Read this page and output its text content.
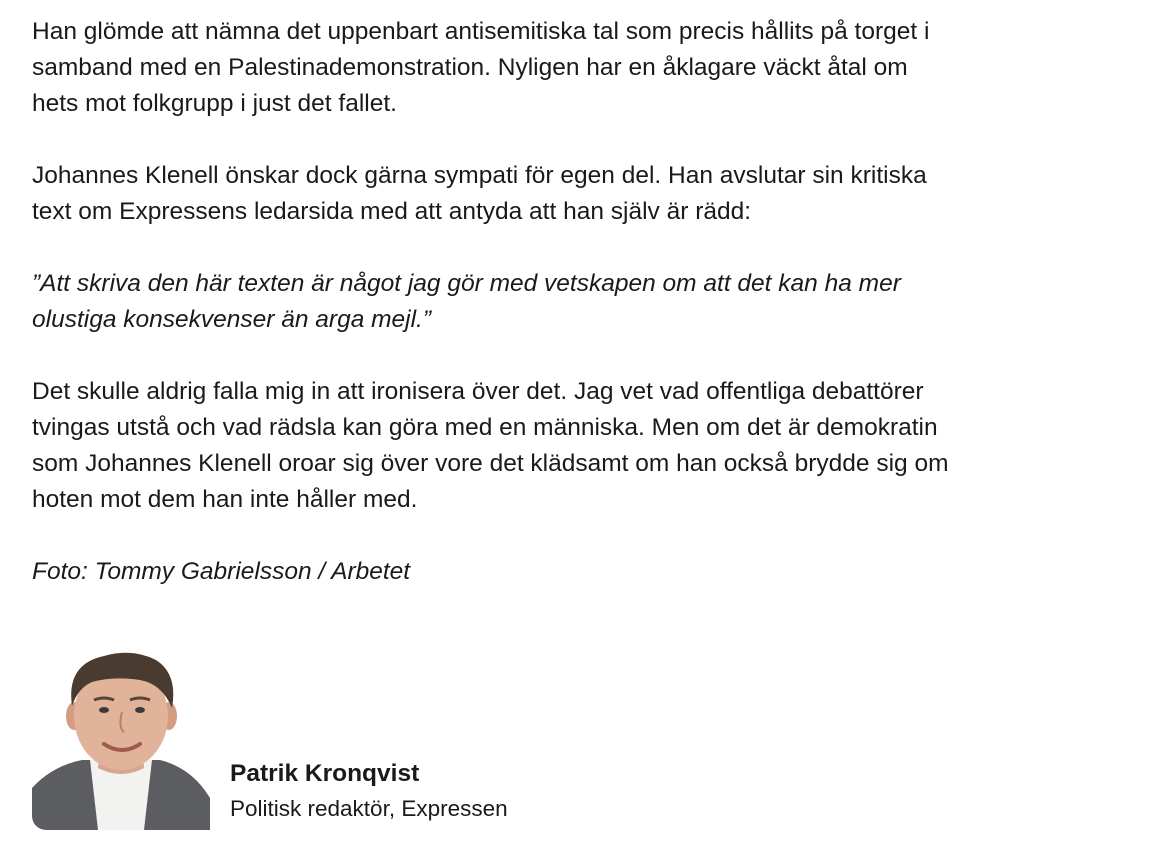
Han glömde att nämna det uppenbart antisemitiska tal som precis hållits på torget i
samband med en Palestinademonstration. Nyligen har en åklagare väckt åtal om
hets mot folkgrupp i just det fallet.

Johannes Klenell önskar dock gärna sympati för egen del. Han avslutar sin kritiska
text om Expressens ledarsida med att antyda att han själv är rädd:

”Att skriva den här texten är något jag gör med vetskapen om att det kan ha mer
olustiga konsekvenser än arga mejl.”

Det skulle aldrig falla mig in att ironisera över det. Jag vet vad offentliga debattörer
tvingas utstå och vad rädsla kan göra med en människa. Men om det är demokratin
som Johannes Klenell oroar sig över vore det klädsamt om han också brydde sig om
hoten mot dem han inte håller med.

Foto: Tommy Gabrielsson / Arbetet

Patrik Kronqvist
Politisk redaktör, Expressen
